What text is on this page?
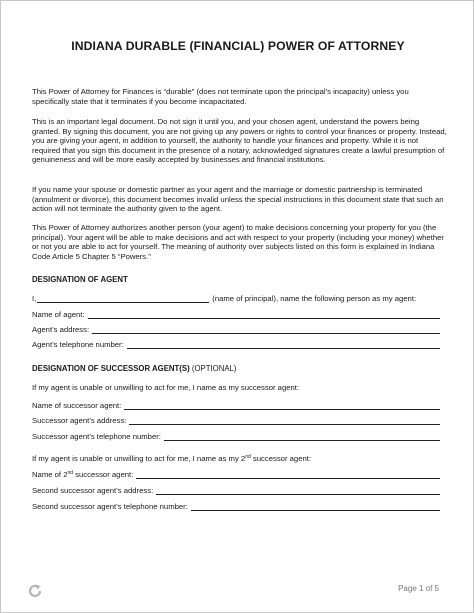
INDIANA DURABLE (FINANCIAL) POWER OF ATTORNEY

This Power of Attorney for Finances is “durable” (does not terminate upon the principal’s incapacity) unless you specifically state that it terminates if you become incapacitated.

This is an important legal document. Do not sign it until you, and your chosen agent, understand the powers being granted. By signing this document, you are not giving up any powers or rights to control your finances or property. Instead, you are giving your agent, in addition to yourself, the authority to handle your finances and property. While it is not required that you sign this document in the presence of a notary, acknowledged signatures create a lawful presumption of genuineness and will be more easily accepted by businesses and financial institutions.

If you name your spouse or domestic partner as your agent and the marriage or domestic partnership is terminated (annulment or divorce), this document becomes invalid unless the special instructions in this document state that such an action will not terminate the authority given to the agent.

This Power of Attorney authorizes another person (your agent) to make decisions concerning your property for you (the principal). Your agent will be able to make decisions and act with respect to your property (including your money) whether or not you are able to act for yourself. The meaning of authority over subjects listed on this form is explained in Indiana Code Article 5 Chapter 5 “Powers.”

DESIGNATION OF AGENT
I,	(name of principal), name the following person as my agent:
Name of agent:
Agent’s address:
Agent’s telephone number:
DESIGNATION OF SUCCESSOR AGENT(S) (OPTIONAL)
If my agent is unable or unwilling to act for me, I name as my successor agent:
Name of successor agent:
Successor agent’s address:
Successor agent’s telephone number:
If my agent is unable or unwilling to act for me, I name as my 2nd successor agent:
Name of 2nd successor agent:
Second successor agent’s address:
Second successor agent’s telephone number:
Page 1 of 5
